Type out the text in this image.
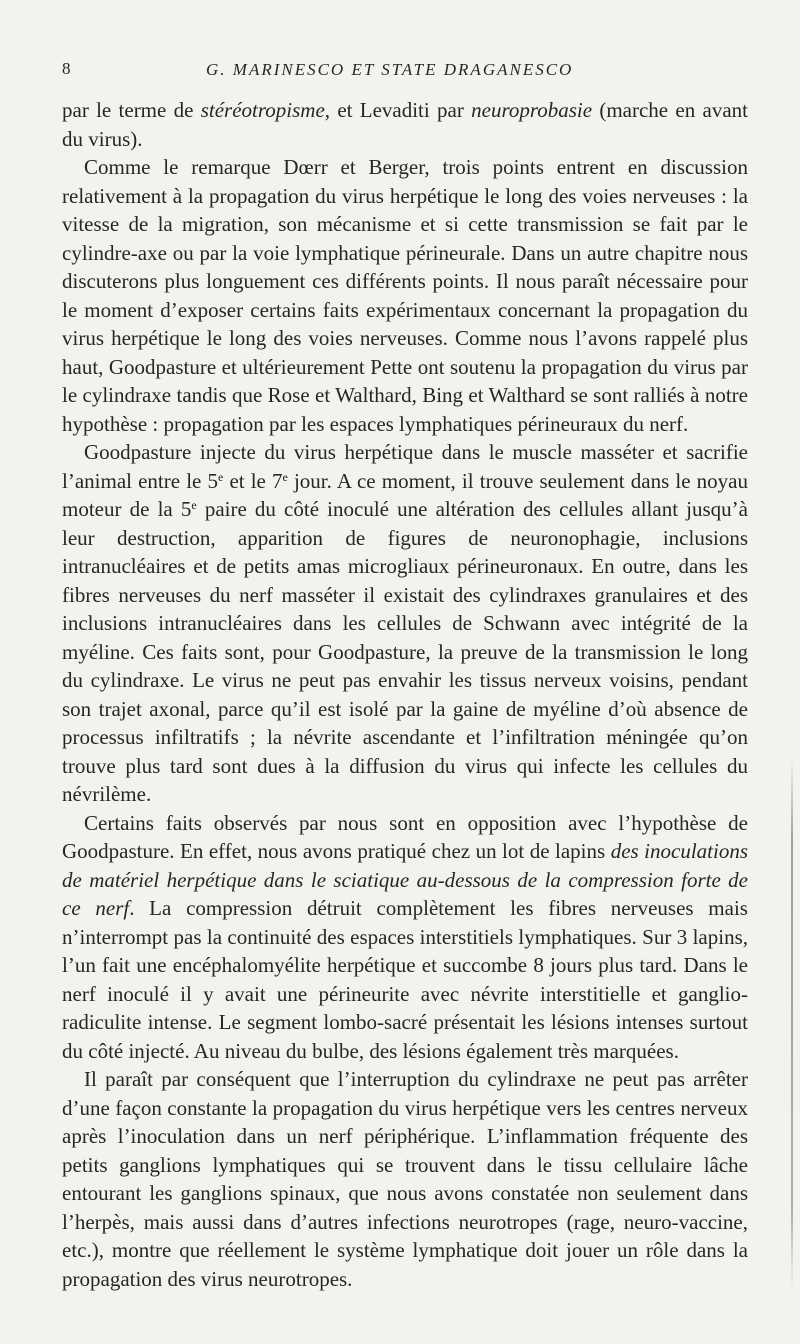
8	G. MARINESCO ET STATE DRAGANESCO

par le terme de stéréotropisme, et Levaditi par neuroprobasie (marche en avant du virus).

Comme le remarque Dœrr et Berger, trois points entrent en discussion relativement à la propagation du virus herpétique le long des voies nerveuses : la vitesse de la migration, son mécanisme et si cette transmission se fait par le cylindre-axe ou par la voie lymphatique périneurale. Dans un autre chapitre nous discuterons plus longuement ces différents points. Il nous paraît nécessaire pour le moment d’exposer certains faits expérimentaux concernant la propagation du virus herpétique le long des voies nerveuses. Comme nous l’avons rappelé plus haut, Goodpasture et ultérieurement Pette ont soutenu la propagation du virus par le cylindraxe tandis que Rose et Walthard, Bing et Walthard se sont ralliés à notre hypothèse : propagation par les espaces lymphatiques périneuraux du nerf.

Goodpasture injecte du virus herpétique dans le muscle masséter et sacrifie l’animal entre le 5e et le 7e jour. A ce moment, il trouve seulement dans le noyau moteur de la 5e paire du côté inoculé une altération des cellules allant jusqu’à leur destruction, apparition de figures de neuronophagie, inclusions intranucléaires et de petits amas microgliaux périneuronaux. En outre, dans les fibres nerveuses du nerf masséter il existait des cylindraxes granulaires et des inclusions intranucléaires dans les cellules de Schwann avec intégrité de la myéline. Ces faits sont, pour Goodpasture, la preuve de la transmission le long du cylindraxe. Le virus ne peut pas envahir les tissus nerveux voisins, pendant son trajet axonal, parce qu’il est isolé par la gaine de myéline d’où absence de processus infiltratifs ; la névrite ascendante et l’infiltration méningée qu’on trouve plus tard sont dues à la diffusion du virus qui infecte les cellules du névrilème.

Certains faits observés par nous sont en opposition avec l’hypothèse de Goodpasture. En effet, nous avons pratiqué chez un lot de lapins des inoculations de matériel herpétique dans le sciatique au-dessous de la compression forte de ce nerf. La compression détruit complètement les fibres nerveuses mais n’interrompt pas la continuité des espaces interstitiels lymphatiques. Sur 3 lapins, l’un fait une encéphalomyélite herpétique et succombe 8 jours plus tard. Dans le nerf inoculé il y avait une périneurite avec névrite interstitielle et ganglio-radiculite intense. Le segment lombo-sacré présentait les lésions intenses surtout du côté injecté. Au niveau du bulbe, des lésions également très marquées.

Il paraît par conséquent que l’interruption du cylindraxe ne peut pas arrêter d’une façon constante la propagation du virus herpétique vers les centres nerveux après l’inoculation dans un nerf périphérique. L’inflammation fréquente des petits ganglions lymphatiques qui se trouvent dans le tissu cellulaire lâche entourant les ganglions spinaux, que nous avons constatée non seulement dans l’herpès, mais aussi dans d’autres infections neurotropes (rage, neuro-vaccine, etc.), montre que réellement le système lymphatique doit jouer un rôle dans la propagation des virus neurotropes.
